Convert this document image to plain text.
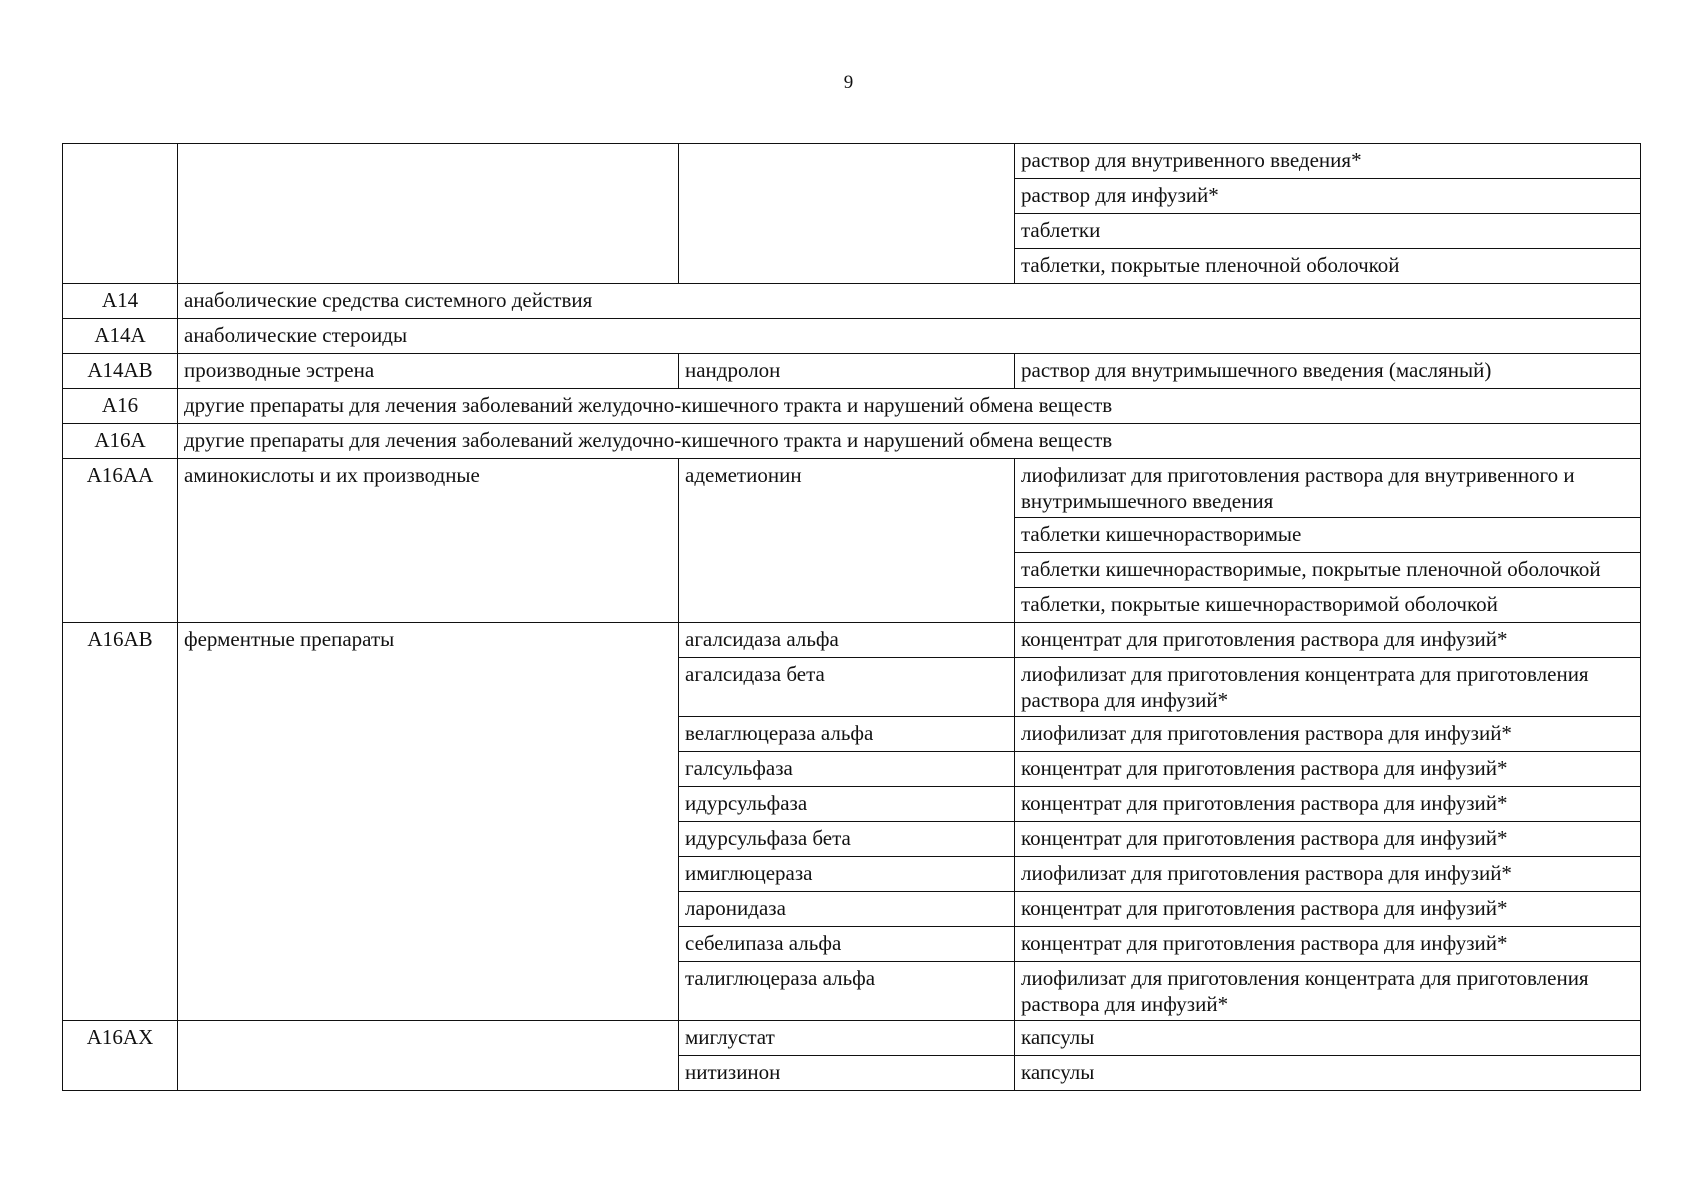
9
			раствор для внутривенного введения*
			раствор для инфузий*
			таблетки
			таблетки, покрытые пленочной оболочкой
A14	анаболические средства системного действия		
A14A	анаболические стероиды		
A14AB	производные эстрена	нандролон	раствор для внутримышечного введения (масляный)
A16	другие препараты для лечения заболеваний желудочно-кишечного тракта и нарушений обмена веществ		
A16A	другие препараты для лечения заболеваний желудочно-кишечного тракта и нарушений обмена веществ		
A16AA	аминокислоты и их производные	адеметионин	лиофилизат для приготовления раствора для внутривенного и внутримышечного введения
			таблетки кишечнорастворимые
			таблетки кишечнорастворимые, покрытые пленочной оболочкой
			таблетки, покрытые кишечнорастворимой оболочкой
A16AB	ферментные препараты	агалсидаза альфа	концентрат для приготовления раствора для инфузий*
		агалсидаза бета	лиофилизат для приготовления концентрата для приготовления раствора для инфузий*
		велаглюцераза альфа	лиофилизат для приготовления раствора для инфузий*
		галсульфаза	концентрат для приготовления раствора для инфузий*
		идурсульфаза	концентрат для приготовления раствора для инфузий*
		идурсульфаза бета	концентрат для приготовления раствора для инфузий*
		имиглюцераза	лиофилизат для приготовления раствора для инфузий*
		ларонидаза	концентрат для приготовления раствора для инфузий*
		себелипаза альфа	концентрат для приготовления раствора для инфузий*
		талиглюцераза альфа	лиофилизат для приготовления концентрата для приготовления раствора для инфузий*
A16AX		миглустат	капсулы
		нитизинон	капсулы
